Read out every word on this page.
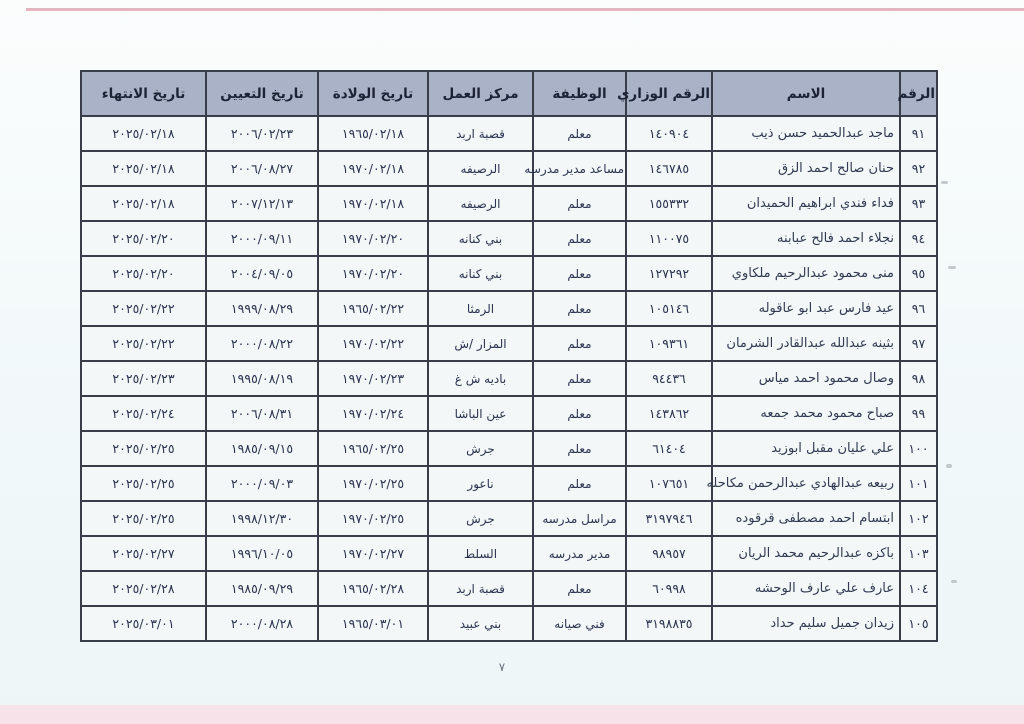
الرقم	الاسم	الرقم الوزاري	الوظيفة	مركز العمل	تاريخ الولادة	تاريخ التعيين	تاريخ الانتهاء
٩١	ماجد عبدالحميد حسن ذيب	١٤٠٩٠٤	معلم	قصبة اربد	١٩٦٥/٠٢/١٨	٢٠٠٦/٠٢/٢٣	٢٠٢٥/٠٢/١٨
٩٢	حنان صالح احمد الزق	١٤٦٧٨٥	مساعد مدير مدرسه	الرصيفه	١٩٧٠/٠٢/١٨	٢٠٠٦/٠٨/٢٧	٢٠٢٥/٠٢/١٨
٩٣	فداء فندي ابراهيم الحميدان	١٥٥٣٣٢	معلم	الرصيفه	١٩٧٠/٠٢/١٨	٢٠٠٧/١٢/١٣	٢٠٢٥/٠٢/١٨
٩٤	نجلاء احمد فالح عبابنه	١١٠٠٧٥	معلم	بني كنانه	١٩٧٠/٠٢/٢٠	٢٠٠٠/٠٩/١١	٢٠٢٥/٠٢/٢٠
٩٥	منى محمود عبدالرحيم ملكاوي	١٢٧٢٩٢	معلم	بني كنانه	١٩٧٠/٠٢/٢٠	٢٠٠٤/٠٩/٠٥	٢٠٢٥/٠٢/٢٠
٩٦	عيد فارس عبد ابو عاقوله	١٠٥١٤٦	معلم	الرمثا	١٩٦٥/٠٢/٢٢	١٩٩٩/٠٨/٢٩	٢٠٢٥/٠٢/٢٢
٩٧	بثينه عبدالله عبدالقادر الشرمان	١٠٩٣٦١	معلم	المزار /ش	١٩٧٠/٠٢/٢٢	٢٠٠٠/٠٨/٢٢	٢٠٢٥/٠٢/٢٢
٩٨	وصال محمود احمد مياس	٩٤٤٣٦	معلم	باديه ش غ	١٩٧٠/٠٢/٢٣	١٩٩٥/٠٨/١٩	٢٠٢٥/٠٢/٢٣
٩٩	صباح محمود محمد جمعه	١٤٣٨٦٢	معلم	عين الباشا	١٩٧٠/٠٢/٢٤	٢٠٠٦/٠٨/٣١	٢٠٢٥/٠٢/٢٤
١٠٠	علي عليان مقبل ابوزيد	٦١٤٠٤	معلم	جرش	١٩٦٥/٠٢/٢٥	١٩٨٥/٠٩/١٥	٢٠٢٥/٠٢/٢٥
١٠١	ربيعه عبدالهادي عبدالرحمن مكاحله	١٠٧٦٥١	معلم	ناعور	١٩٧٠/٠٢/٢٥	٢٠٠٠/٠٩/٠٣	٢٠٢٥/٠٢/٢٥
١٠٢	ابتسام احمد مصطفى قرقوده	٣١٩٧٩٤٦	مراسل مدرسه	جرش	١٩٧٠/٠٢/٢٥	١٩٩٨/١٢/٣٠	٢٠٢٥/٠٢/٢٥
١٠٣	باكزه عبدالرحيم محمد الريان	٩٨٩٥٧	مدير مدرسه	السلط	١٩٧٠/٠٢/٢٧	١٩٩٦/١٠/٠٥	٢٠٢٥/٠٢/٢٧
١٠٤	عارف علي عارف الوحشه	٦٠٩٩٨	معلم	قصبة اربد	١٩٦٥/٠٢/٢٨	١٩٨٥/٠٩/٢٩	٢٠٢٥/٠٢/٢٨
١٠٥	زيدان جميل سليم حداد	٣١٩٨٨٣٥	فني صيانه	بني عبيد	١٩٦٥/٠٣/٠١	٢٠٠٠/٠٨/٢٨	٢٠٢٥/٠٣/٠١
٧
